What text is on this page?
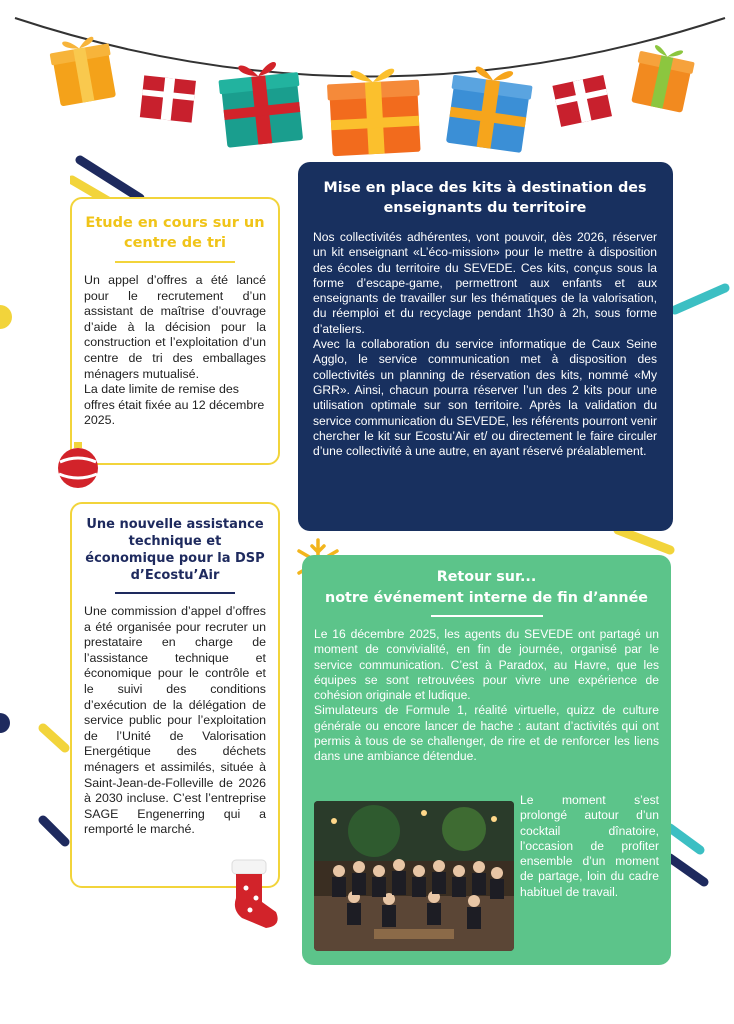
Etude en cours sur un centre de tri

Un appel d’offres a été lancé pour le recrutement d’un assistant de maîtrise d’ouvrage d’aide à la décision pour la construction et l’exploitation d’un centre de tri des emballages ménagers mutualisé.

La date limite de remise des offres était fixée au 12 décembre 2025.

Une nouvelle assistance technique et économique pour la DSP d’Ecostu’Air

Une commission d’appel d’offres a été organisée pour recruter un prestataire en charge de l’assistance technique et économique pour le contrôle et le suivi des conditions d’exécution de la délégation de service public pour l’exploitation de l’Unité de Valorisation Energétique des déchets ménagers et assimilés, située à Saint-Jean-de-Folleville de 2026 à 2030 incluse. C’est l’entreprise SAGE Engenerring qui a remporté le marché.

Mise en place des kits à destination des enseignants du territoire

Nos collectivités adhérentes, vont pouvoir, dès 2026, réserver un kit enseignant «L’éco-mission» pour le mettre à disposition des écoles du territoire du SEVEDE. Ces kits, conçus sous la forme d’escape-game, permettront aux enfants et aux enseignants de travailler sur les thématiques de la valorisation, du réemploi et du recyclage pendant 1h30 à 2h, sous forme d’ateliers.

Avec la collaboration du service informatique de Caux Seine Agglo, le service communication met à disposition des collectivités un planning de réservation des kits, nommé «My GRR». Ainsi, chacun pourra réserver l’un des 2 kits pour une utilisation optimale sur son territoire. Après la validation du service communication du SEVEDE, les référents pourront venir chercher le kit sur Ecostu’Air et/ ou directement le faire circuler d’une collectivité à une autre, en ayant réservé préalablement.

Retour sur...
notre événement interne de fin d’année

Le 16 décembre 2025, les agents du SEVEDE ont partagé un moment de convivialité, en fin de journée, organisé par le service communication. C’est à Paradox, au Havre, que les équipes se sont retrouvées pour vivre une expérience de cohésion originale et ludique.

Simulateurs de Formule 1, réalité virtuelle, quizz de culture générale ou encore lancer de hache : autant d’activités qui ont permis à tous de se challenger, de rire et de renforcer les liens dans une ambiance détendue.

Le moment s’est prolongé autour d’un cocktail dînatoire, l’occasion de profiter ensemble d’un moment de partage, loin du cadre habituel de travail.
